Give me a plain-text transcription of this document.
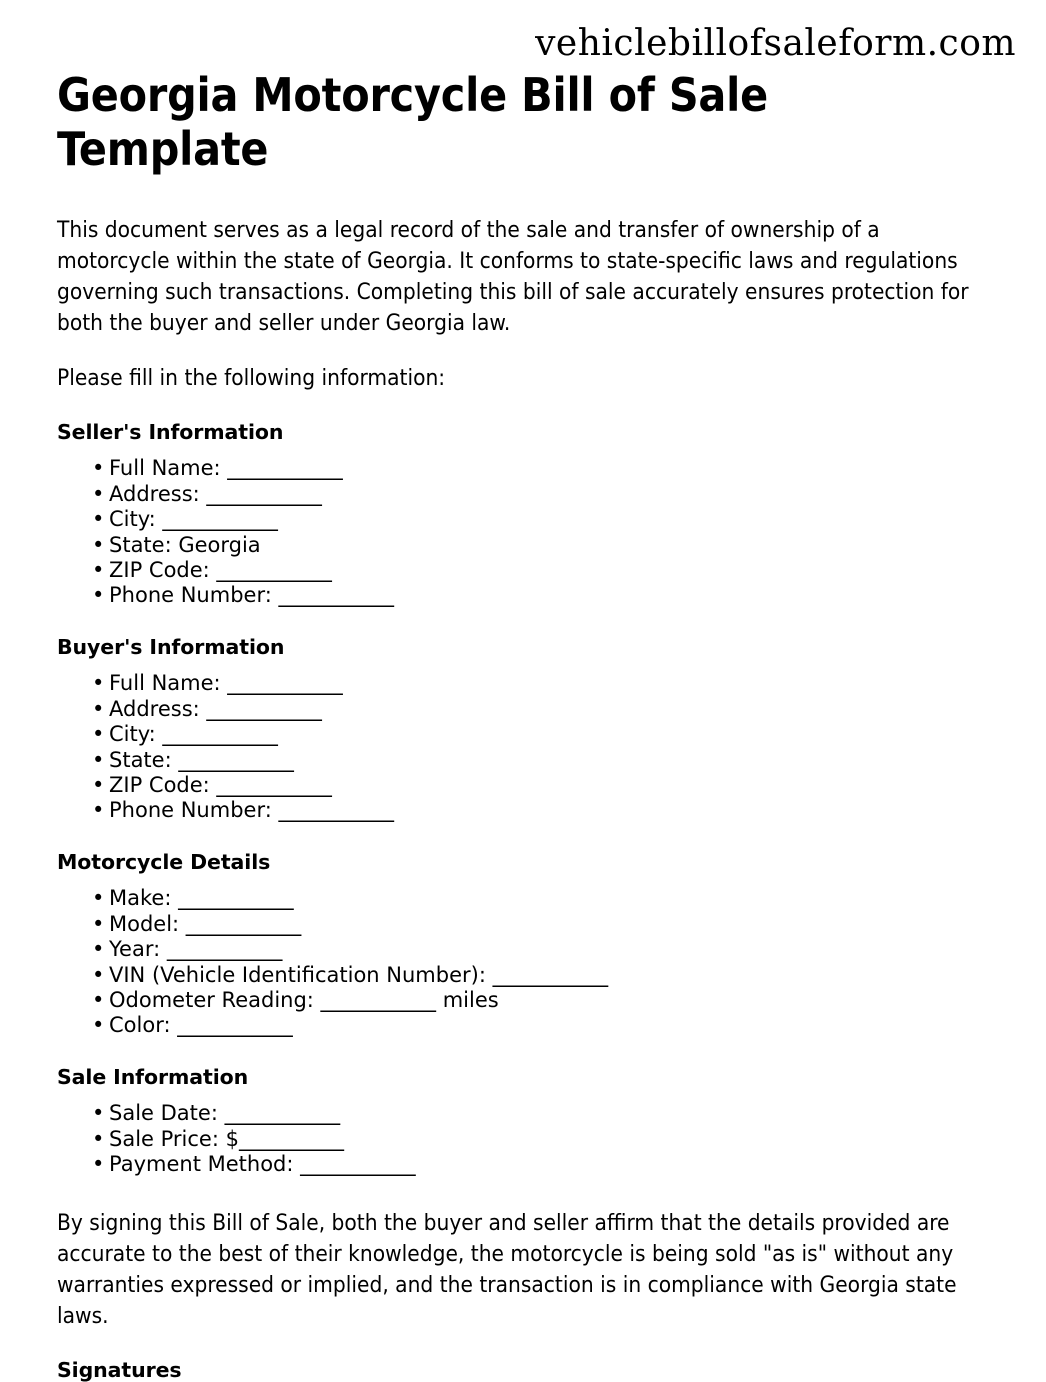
vehiclebillofsaleform.com
Georgia Motorcycle Bill of Sale Template

This document serves as a legal record of the sale and transfer of ownership of a motorcycle within the state of Georgia. It conforms to state-specific laws and regulations governing such transactions. Completing this bill of sale accurately ensures protection for both the buyer and seller under Georgia law.

Please fill in the following information:

Seller's Information
• Full Name: ___________
• Address: ___________
• City: ___________
• State: Georgia
• ZIP Code: ___________
• Phone Number: ___________
Buyer's Information
• Full Name: ___________
• Address: ___________
• City: ___________
• State: ___________
• ZIP Code: ___________
• Phone Number: ___________
Motorcycle Details
• Make: ___________
• Model: ___________
• Year: ___________
• VIN (Vehicle Identification Number): ___________
• Odometer Reading: ___________ miles
• Color: ___________
Sale Information
• Sale Date: ___________
• Sale Price: $__________
• Payment Method: ___________

By signing this Bill of Sale, both the buyer and seller affirm that the details provided are accurate to the best of their knowledge, the motorcycle is being sold "as is" without any warranties expressed or implied, and the transaction is in compliance with Georgia state laws.

Signatures
